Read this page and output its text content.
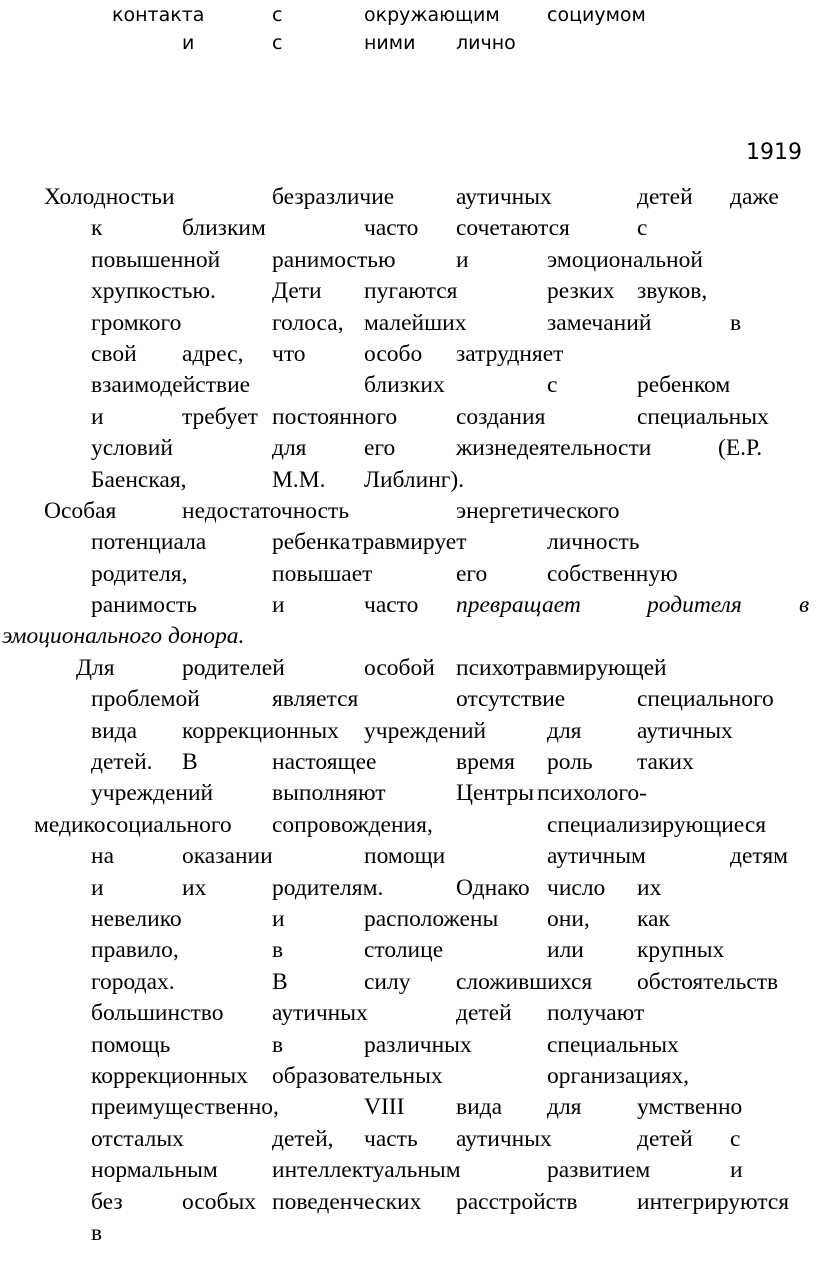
контакта	с	окружающим социумом
и	с	ними лично
1919
Холодностьи	безразличие	аутичных	детей даже
к	близким	часто сочетаются	с
повышенной ранимостью	и	эмоциональной
хрупкостью. Дети пугаются	резких звуков,
громкого	голоса, малейших	замечаний	в
свой адрес, что особо затрудняет
взаимодействие	близких	с	ребенком
и	требует постоянного	создания	специальных
условий	для его	жизнедеятельности	(Е.Р.
Баенская,	М.М. Либлинг).
Особая	недостаточность	энергетического
потенциала	ребенка травмирует	личность
родителя,	повышает	его	собственную
ранимость	и	часто превращает	родителя в
эмоционального донора.
Для	родителей	особой психотравмирующей
проблемой	является	отсутствие	специального
вида коррекционных учреждений	для аутичных
детей. В	настоящее	время роль таких
учреждений	выполняют	Центры психолого-
медикосоциального сопровождения,	специализирующиеся
на	оказании	помощи	аутичным	детям
и	их	родителям.	Однако число их
невелико	и	расположены они, как
правило,	в	столице	или крупных
городах.	В	силу сложившихся обстоятельств
большинство аутичных	детей получают
помощь	в	различных	специальных
коррекционных образовательных	организациях,
преимущественно,	VIII вида для умственно
отсталых	детей, часть аутичных	детей с
нормальным интеллектуальным	развитием	и
без	особых поведенческих расстройств	интегрируются
в
